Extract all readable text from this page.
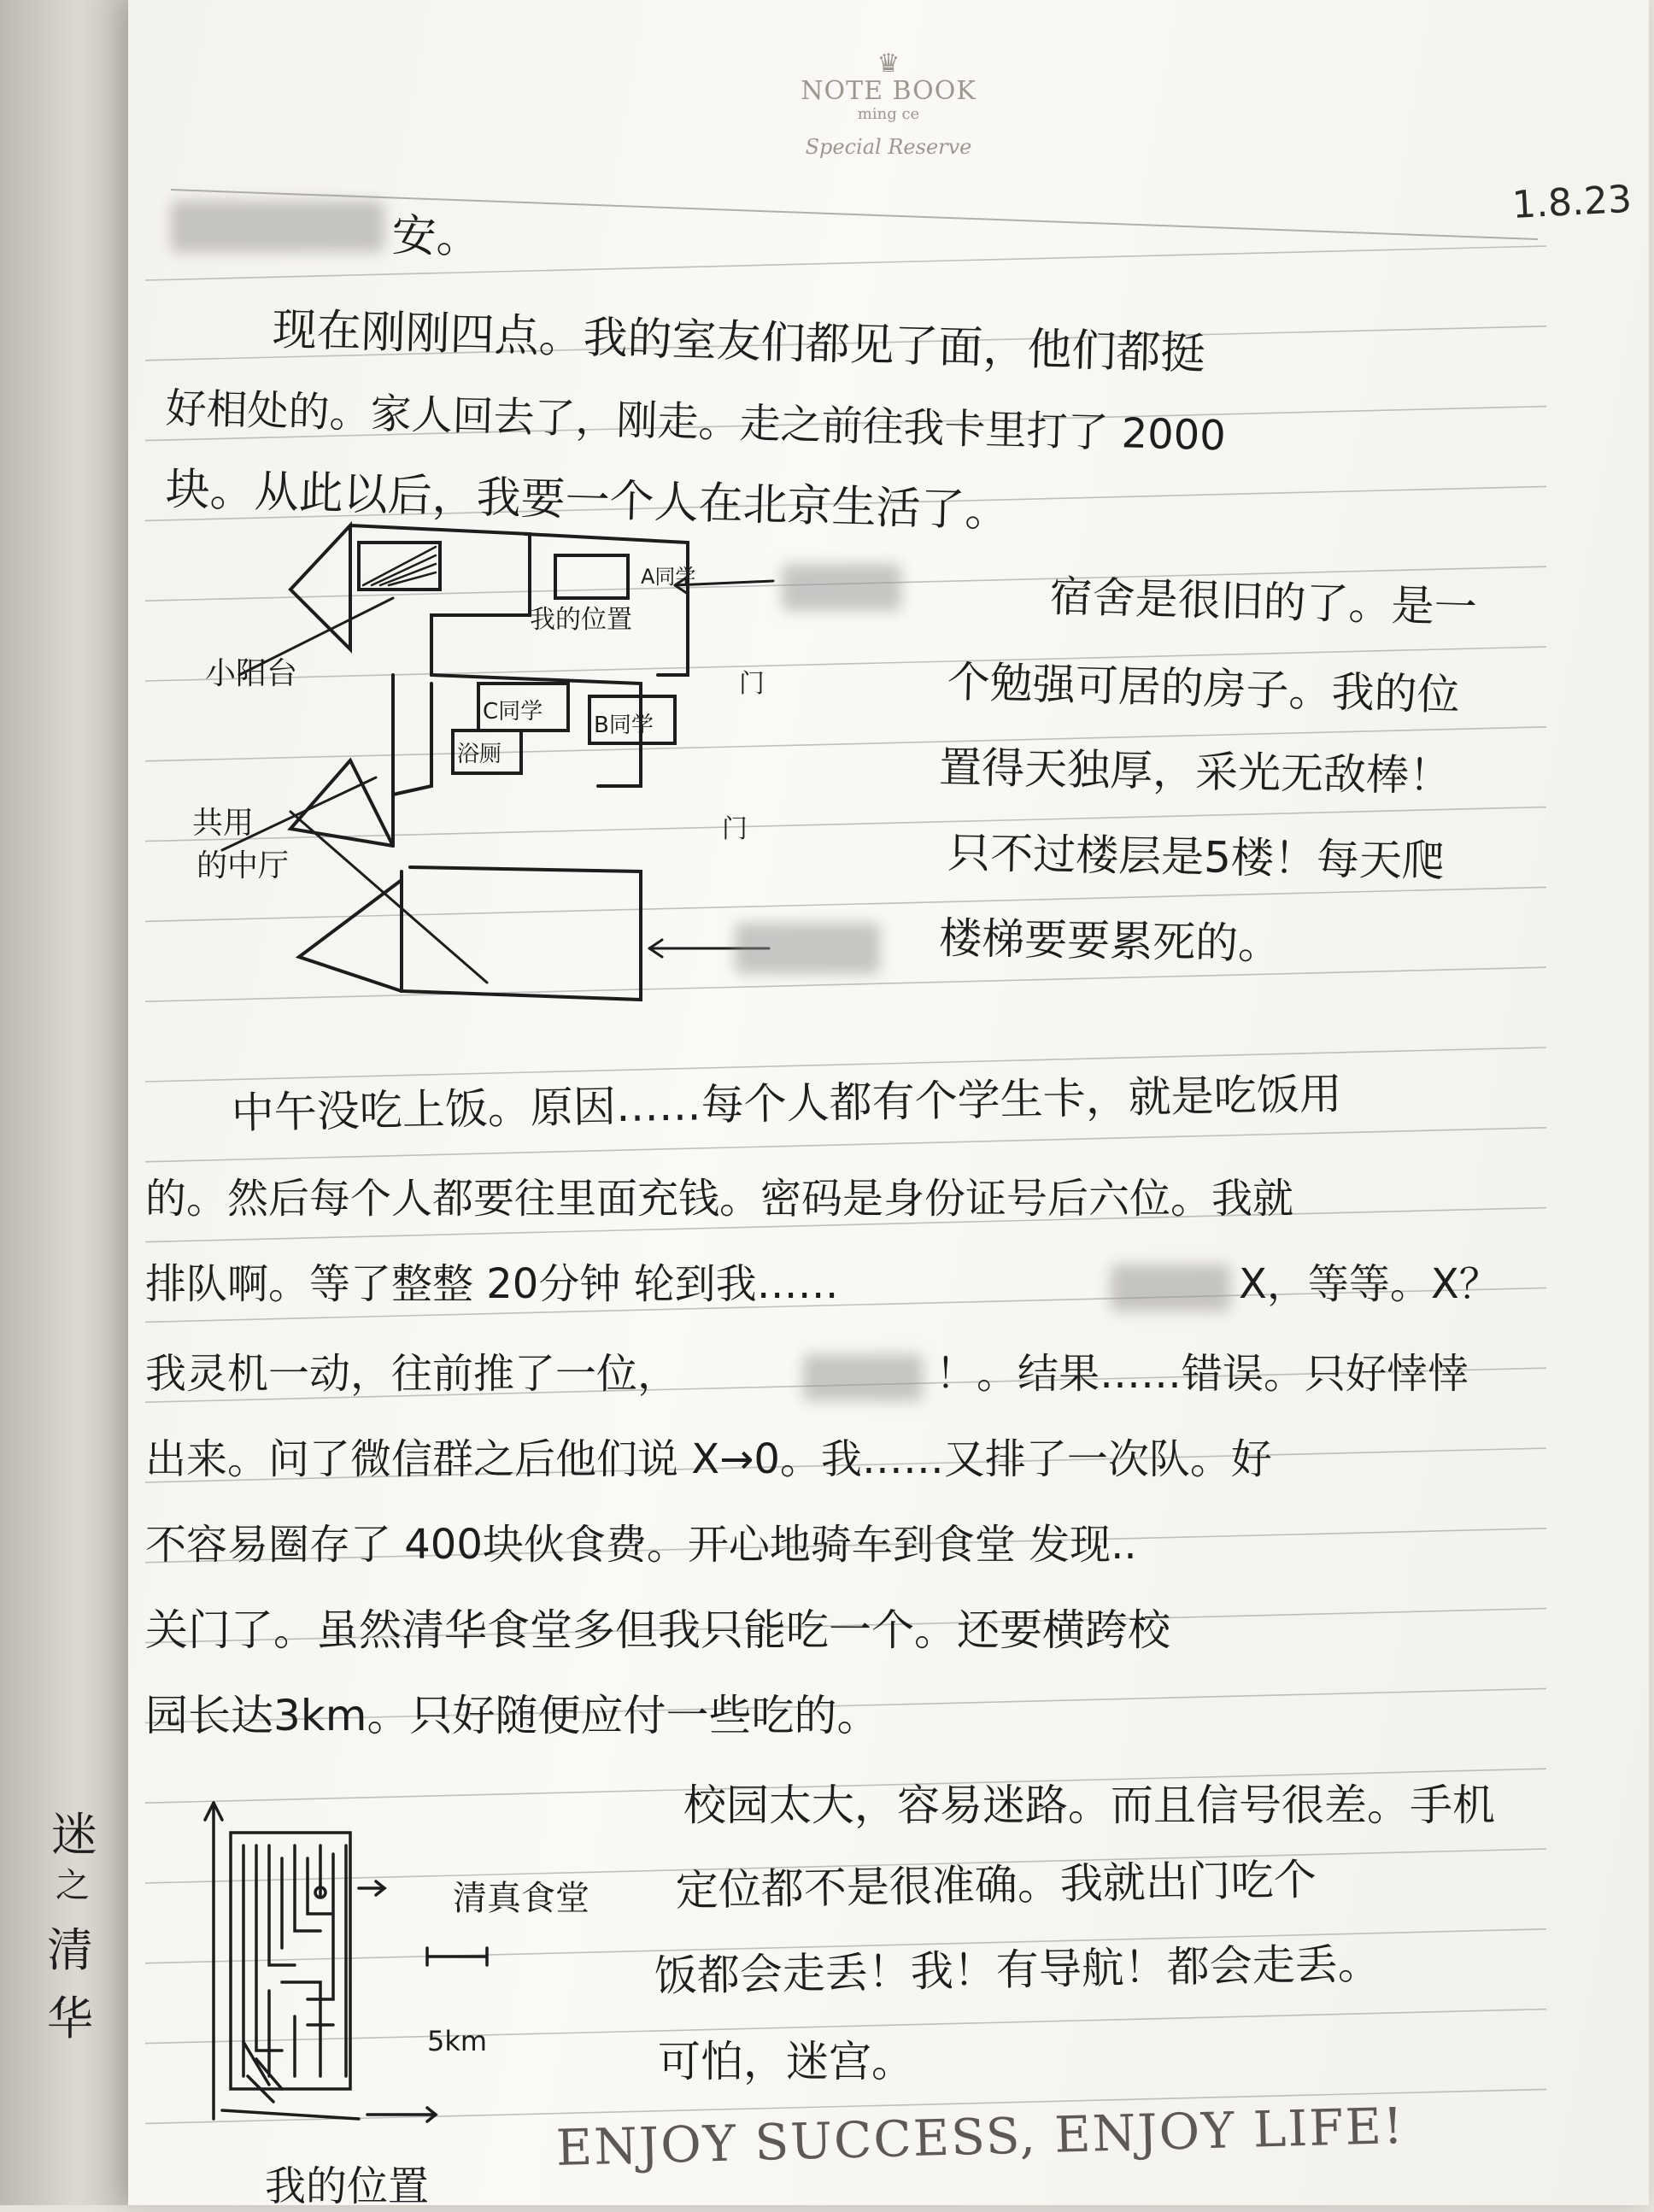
♛
NOTE BOOK
ming ce
Special Reserve
1.8.23
安。
现在刚刚四点。我的室友们都见了面，他们都挺
好相处的。家人回去了，刚走。走之前往我卡里打了 2000
块。从此以后，我要一个人在北京生活了。
小阳台
我的位置
A同学
C同学
B同学
浴厕
共用
的中厅
门
门
宿舍是很旧的了。是一
个勉强可居的房子。我的位
置得天独厚，采光无敌棒！
只不过楼层是5楼！每天爬
楼梯要要累死的。
中午没吃上饭。原因……每个人都有个学生卡，就是吃饭用
的。然后每个人都要往里面充钱。密码是身份证号后六位。我就
排队啊。等了整整 20分钟 轮到我……	X，等等。X？
我灵机一动，往前推了一位，	！。结果……错误。只好悻悻
出来。问了微信群之后他们说 X→0。我……又排了一次队。好
不容易圈存了 400块伙食费。开心地骑车到食堂 发现..
关门了。虽然清华食堂多但我只能吃一个。还要横跨校
园长达3km。只好随便应付一些吃的。
迷
之
清
华
清真食堂
5km
校园太大，容易迷路。而且信号很差。手机
定位都不是很准确。我就出门吃个
饭都会走丢！我！有导航！都会走丢。
可怕，迷宫。
我的位置
ENJOY SUCCESS, ENJOY LIFE!
